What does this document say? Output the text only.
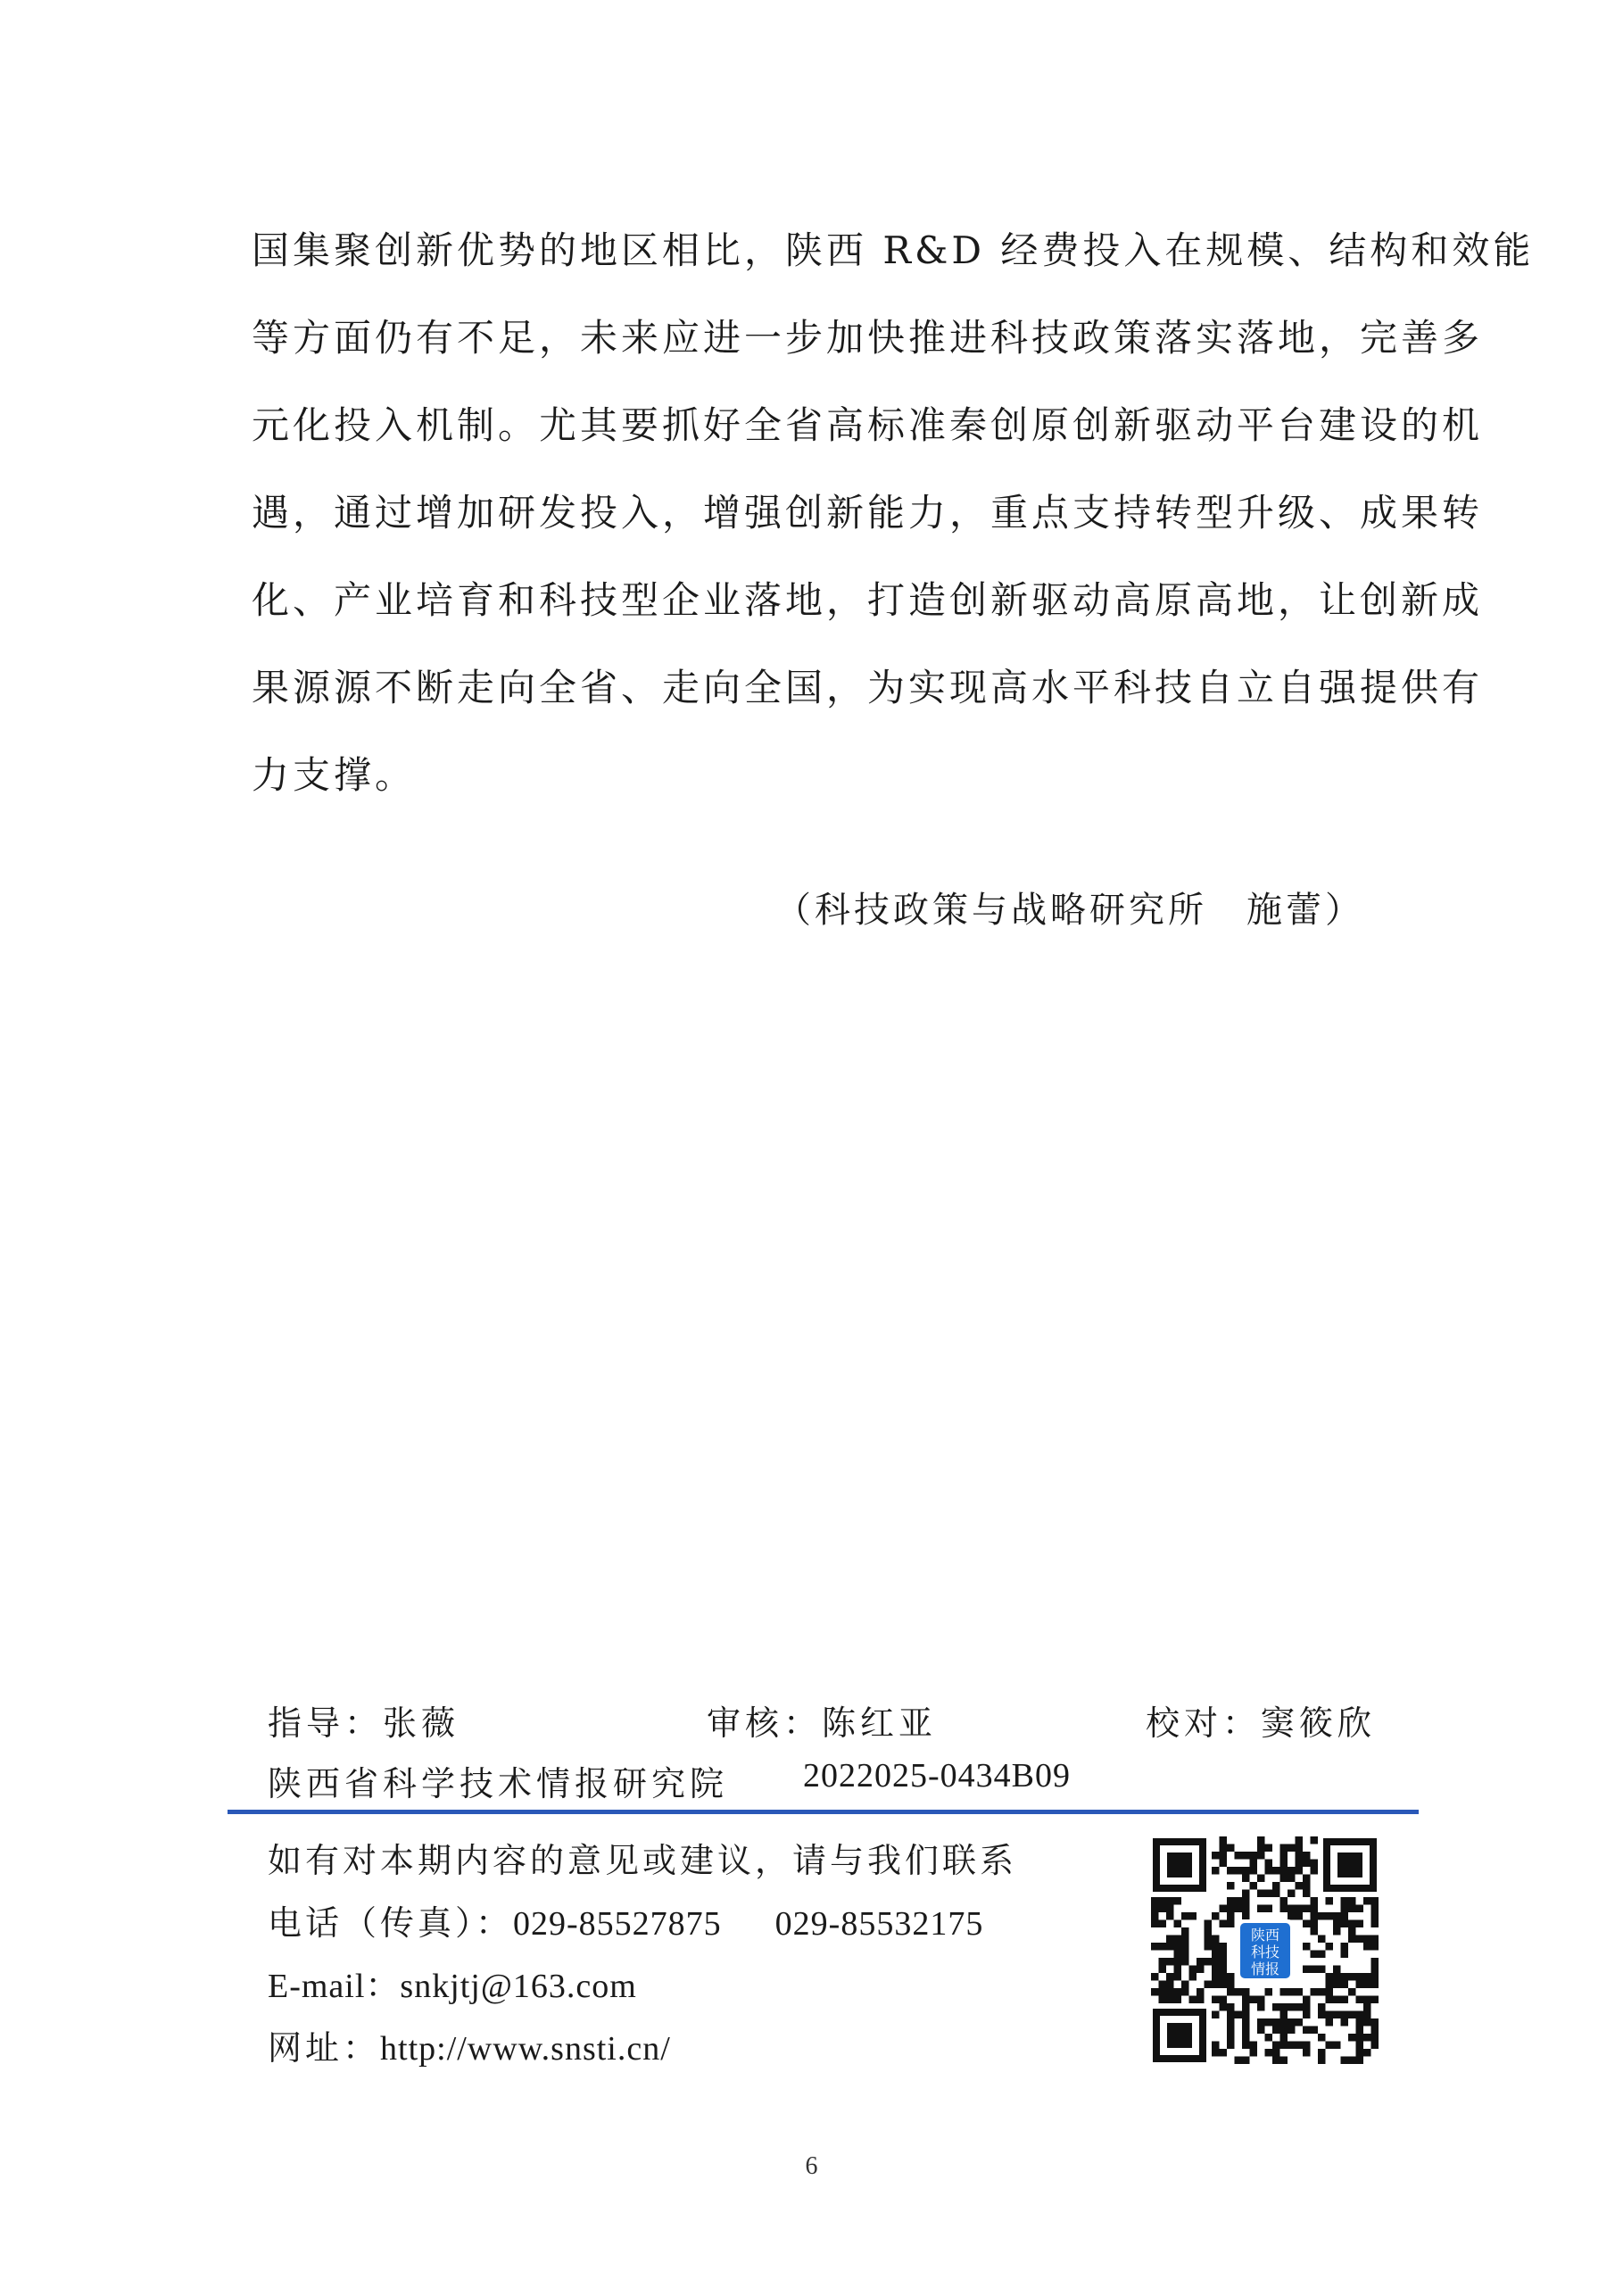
国集聚创新优势的地区相比，陕西 R&D 经费投入在规模、结构和效能
等方面仍有不足，未来应进一步加快推进科技政策落实落地，完善多
元化投入机制。尤其要抓好全省高标准秦创原创新驱动平台建设的机
遇，通过增加研发投入，增强创新能力，重点支持转型升级、成果转
化、产业培育和科技型企业落地，打造创新驱动高原高地，让创新成
果源源不断走向全省、走向全国，为实现高水平科技自立自强提供有
力支撑。
（科技政策与战略研究所　施蕾）
指导：张薇	审核：陈红亚	校对：窦筱欣
陕西省科学技术情报研究院 2022025-0434B09
如有对本期内容的意见或建议，请与我们联系
电话（传真）：029-85527875 029-85532175
E-mail：snkjtj@163.com
网址：http://www.snsti.cn/
陕西
科技
情报
6
